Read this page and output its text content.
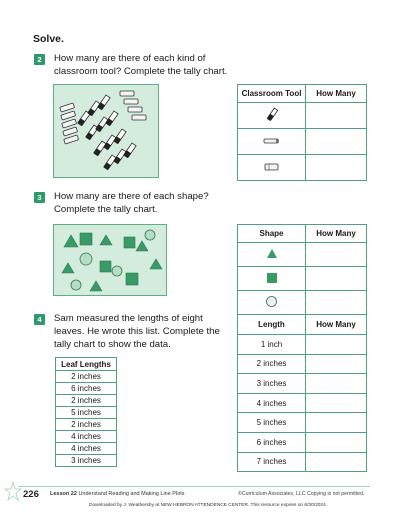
Solve.
2	How many are there of each kind of
classroom tool? Complete the tally chart.
Classroom Tool	How Many

3	How many are there of each shape?
Complete the tally chart.
Shape	How Many

4	Sam measured the lengths of eight
leaves. He wrote this list. Complete the
tally chart to show the data.
Leaf Lengths
2 inches
6 inches
2 inches
5 inches
2 inches
4 inches
4 inches
3 inches
Length	How Many
1 inch	
2 inches	
3 inches	
4 inches	
5 inches	
6 inches	
7 inches	
226 Lesson 22 Understand Reading and Making Line Plots	©Curriculum Associates, LLC Copying is not permitted.
Downloaded by J. Weathersby at NEW HEBRON ATTENDENCE CENTER. This resource expires on 6/30/2024.
